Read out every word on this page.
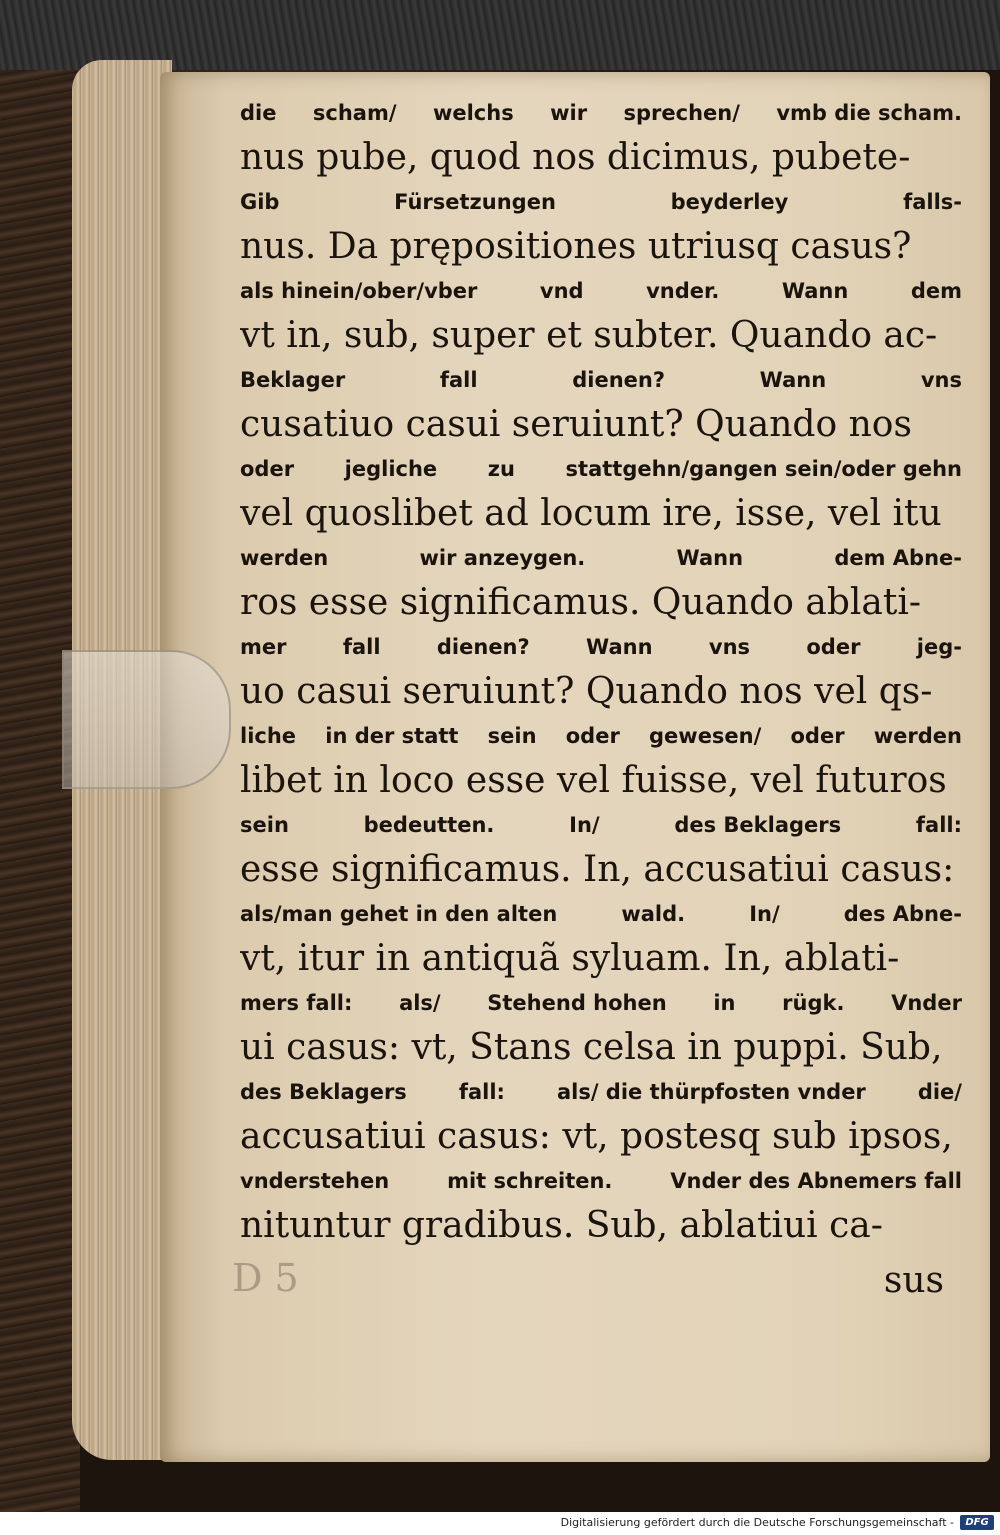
die scham/ welchs wir sprechen/ vmb die scham.
nus pube, quod nos dicimus, pubete-
Gib	Fürsetzungen	beyderley	falls-
nus. Da prępositiones utriusq casus?
als hinein/ober/vber	vnd	vnder.	Wann	dem
vt in, sub, super et subter. Quando ac-
Beklager	fall	dienen?	Wann	vns
cusatiuo casui seruiunt? Quando nos
oder jegliche zu stattgehn/gangen sein/oder gehn
vel quoslibet ad locum ire, isse, vel itu
werden	wir anzeygen.	Wann	dem Abne-
ros esse significamus. Quando ablati-
mer	fall	dienen?	Wann	vns	oder	jeg-
uo casui seruiunt? Quando nos vel qs-
liche in der statt sein oder gewesen/ oder werden
libet in loco esse vel fuisse, vel futuros
sein	bedeutten.	In/	des Beklagers	fall:
esse significamus. In, accusatiui casus:
als/man gehet in den alten	wald.	In/	des Abne-
vt, itur in antiquã syluam. In, ablati-
mers fall: als/ Stehend hohen in rügk. Vnder
ui casus: vt, Stans celsa in puppi. Sub,
des Beklagers fall: als/ die thürpfosten vnder die/
accusatiui casus: vt, postesq sub ipsos,
vnderstehen	mit schreiten.	Vnder des Abnemers fall
nituntur gradibus. Sub, ablatiui ca-
sus
D 5
Digitalisierung gefördert durch die Deutsche Forschungsgemeinschaft -	DFG
